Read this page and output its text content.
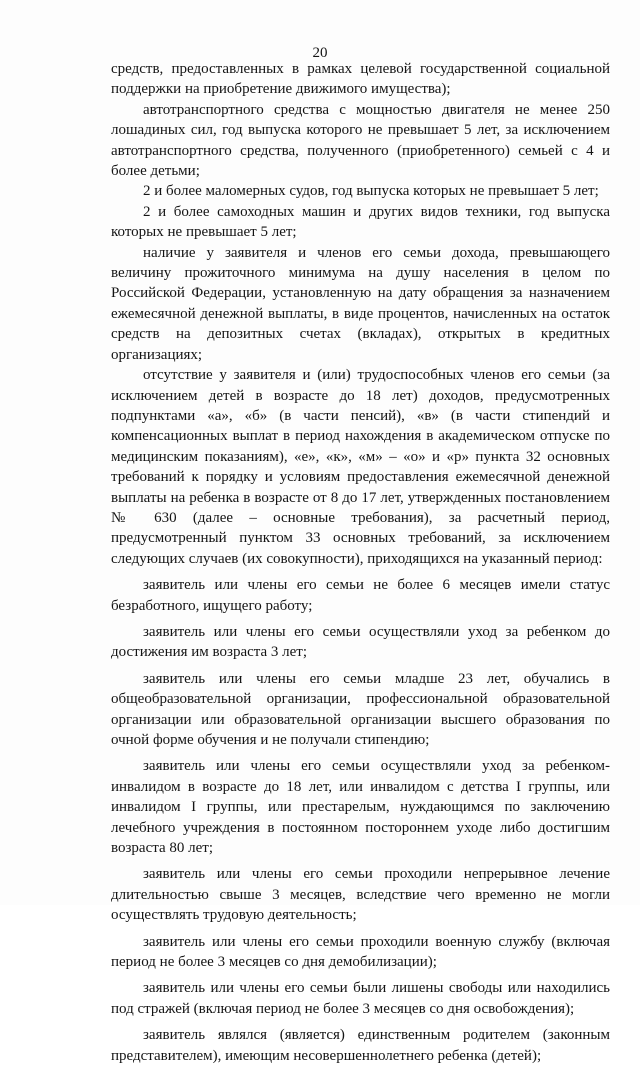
20

средств, предоставленных в рамках целевой государственной социальной поддержки на приобретение движимого имущества);

автотранспортного средства с мощностью двигателя не менее 250 лошадиных сил, год выпуска которого не превышает 5 лет, за исключением автотранспортного средства, полученного (приобретенного) семьей с 4 и более детьми;

2 и более маломерных судов, год выпуска которых не превышает 5 лет;

2 и более самоходных машин и других видов техники, год выпуска которых не превышает 5 лет;

наличие у заявителя и членов его семьи дохода, превышающего величину прожиточного минимума на душу населения в целом по Российской Федерации, установленную на дату обращения за назначением ежемесячной денежной выплаты, в виде процентов, начисленных на остаток средств на депозитных счетах (вкладах), открытых в кредитных организациях;

отсутствие у заявителя и (или) трудоспособных членов его семьи (за исключением детей в возрасте до 18 лет) доходов, предусмотренных подпунктами «а», «б» (в части пенсий), «в» (в части стипендий и компенсационных выплат в период нахождения в академическом отпуске по медицинским показаниям), «е», «к», «м» – «о» и «р» пункта 32 основных требований к порядку и условиям предоставления ежемесячной денежной выплаты на ребенка в возрасте от 8 до 17 лет, утвержденных постановлением № 630 (далее – основные требования), за расчетный период, предусмотренный пунктом 33 основных требований, за исключением следующих случаев (их совокупности), приходящихся на указанный период:

заявитель или члены его семьи не более 6 месяцев имели статус безработного, ищущего работу;

заявитель или члены его семьи осуществляли уход за ребенком до достижения им возраста 3 лет;

заявитель или члены его семьи младше 23 лет, обучались в общеобразовательной организации, профессиональной образовательной организации или образовательной организации высшего образования по очной форме обучения и не получали стипендию;

заявитель или члены его семьи осуществляли уход за ребенком-инвалидом в возрасте до 18 лет, или инвалидом с детства I группы, или инвалидом I группы, или престарелым, нуждающимся по заключению лечебного учреждения в постоянном постороннем уходе либо достигшим возраста 80 лет;

заявитель или члены его семьи проходили непрерывное лечение длительностью свыше 3 месяцев, вследствие чего временно не могли осуществлять трудовую деятельность;

заявитель или члены его семьи проходили военную службу (включая период не более 3 месяцев со дня демобилизации);

заявитель или члены его семьи были лишены свободы или находились под стражей (включая период не более 3 месяцев со дня освобождения);

заявитель являлся (является) единственным родителем (законным представителем), имеющим несовершеннолетнего ребенка (детей);
